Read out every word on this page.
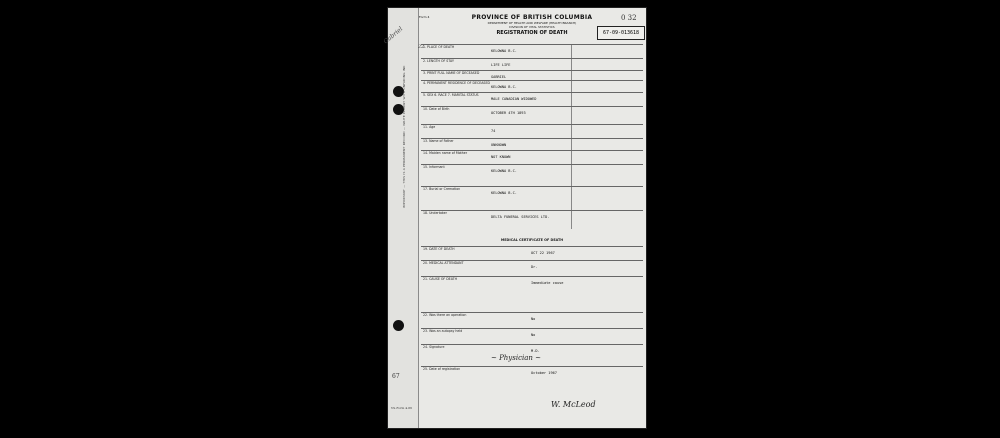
IMPORTANT — THIS IS A PERMANENT RECORD — WRITE PLAINLY WITH UNFADING INK
67
VS-Form 4-66
Gabriel
22
Form 4	0 32
PROVINCE OF BRITISH COLUMBIA
DEPARTMENT OF HEALTH AND WELFARE (HEALTH BRANCH)
DIVISION OF VITAL STATISTICS
REGISTRATION OF DEATH	67-09-013618
1. PLACE OF DEATH
KELOWNA B.C.
2. LENGTH OF STAY
LIFE LIFE
3. PRINT FULL NAME OF DECEASED
GABRIEL
4. PERMANENT RESIDENCE OF DECEASED
KELOWNA B.C.
5. SEX 6. RACE 7. MARITAL STATUS
MALE CANADIAN WIDOWED
10. Date of Birth
OCTOBER 4TH 1893
11. Age
74
13. Name of Father
UNKNOWN
14. Maiden name of Mother
NOT KNOWN
15. Informant
KELOWNA B.C.
17. Burial or Cremation
KELOWNA B.C.
18. Undertaker
DELTA FUNERAL SERVICES LTD.
MEDICAL CERTIFICATE OF DEATH
19. DATE OF DEATH
OCT 22 1967
20. MEDICAL ATTENDANT
Dr.
21. CAUSE OF DEATH
Immediate cause
22. Was there an operation
No
23. Was an autopsy held
No
24. Signature
M.D.
25. Date of registration
October 1967
~ Physician ~
W. McLeod
